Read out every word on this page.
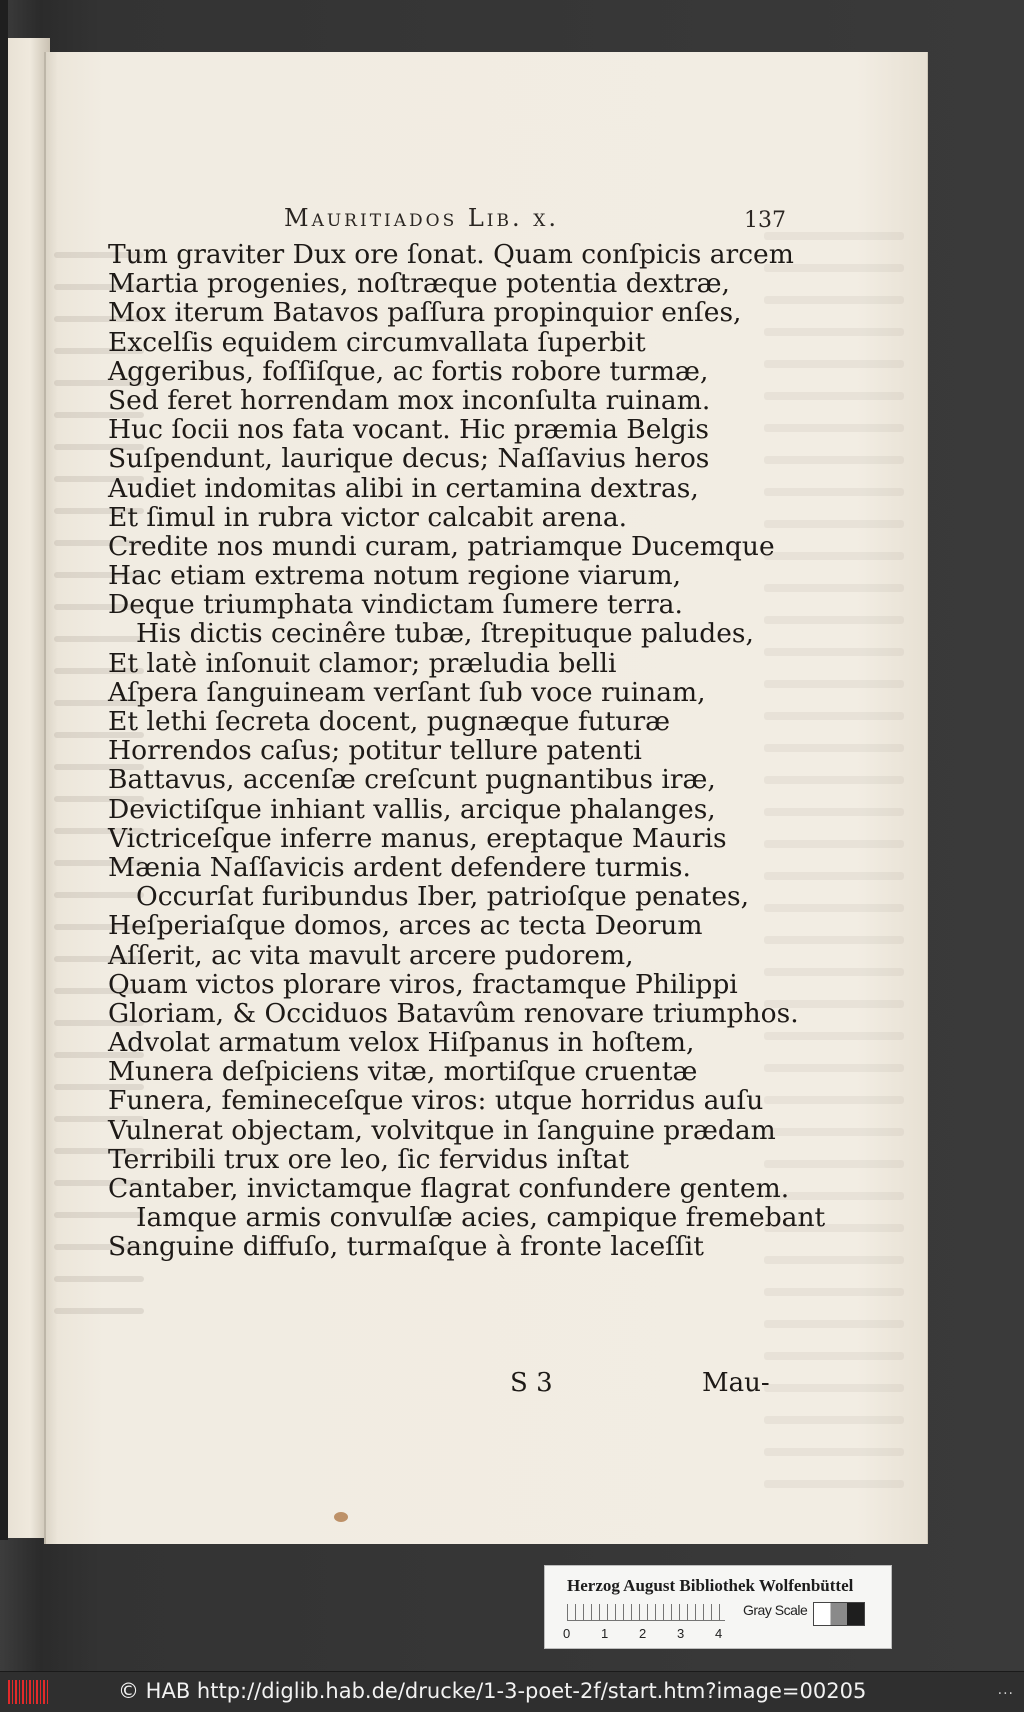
Mauritiados Lib. x.	137
Tum graviter Dux ore ſonat. Quam conſpicis arcem
Martia progenies, noſtræque potentia dextræ,
Mox iterum Batavos paſſura propinquior enſes,
Excelſis equidem circumvallata ſuperbit
Aggeribus, foſſiſque, ac fortis robore turmæ,
Sed feret horrendam mox inconſulta ruinam.
Huc ſocii nos fata vocant. Hic præmia Belgis
Suſpendunt, laurique decus; Naſſavius heros
Audiet indomitas alibi in certamina dextras,
Et ſimul in rubra victor calcabit arena.
Credite nos mundi curam, patriamque Ducemque
Hac etiam extrema notum regione viarum,
Deque triumphata vindictam ſumere terra.
His dictis cecinêre tubæ, ſtrepituque paludes,
Et latè inſonuit clamor; præludia belli
Aſpera ſanguineam verſant ſub voce ruinam,
Et lethi ſecreta docent, pugnæque futuræ
Horrendos caſus; potitur tellure patenti
Battavus, accenſæ creſcunt pugnantibus iræ,
Devictiſque inhiant vallis, arcique phalanges,
Victriceſque inferre manus, ereptaque Mauris
Mænia Naſſavicis ardent defendere turmis.
Occurſat furibundus Iber, patrioſque penates,
Heſperiaſque domos, arces ac tecta Deorum
Aſſerit, ac vita mavult arcere pudorem,
Quam victos plorare viros, fractamque Philippi
Gloriam, & Occiduos Batavûm renovare triumphos.
Advolat armatum velox Hiſpanus in hoſtem,
Munera deſpiciens vitæ, mortiſque cruentæ
Funera, femineceſque viros: utque horridus auſu
Vulnerat objectam, volvitque in ſanguine prædam
Terribili trux ore leo, ſic fervidus inſtat
Cantaber, invictamque flagrat confundere gentem.
Iamque armis convulſæ acies, campique fremebant
Sanguine diffuſo, turmaſque à fronte laceſſit
S 3	Mau-
Herzog August Bibliothek Wolfenbüttel
0 1 2 3 4
Gray Scale
© HAB http://diglib.hab.de/drucke/1-3-poet-2f/start.htm?image=00205	...
